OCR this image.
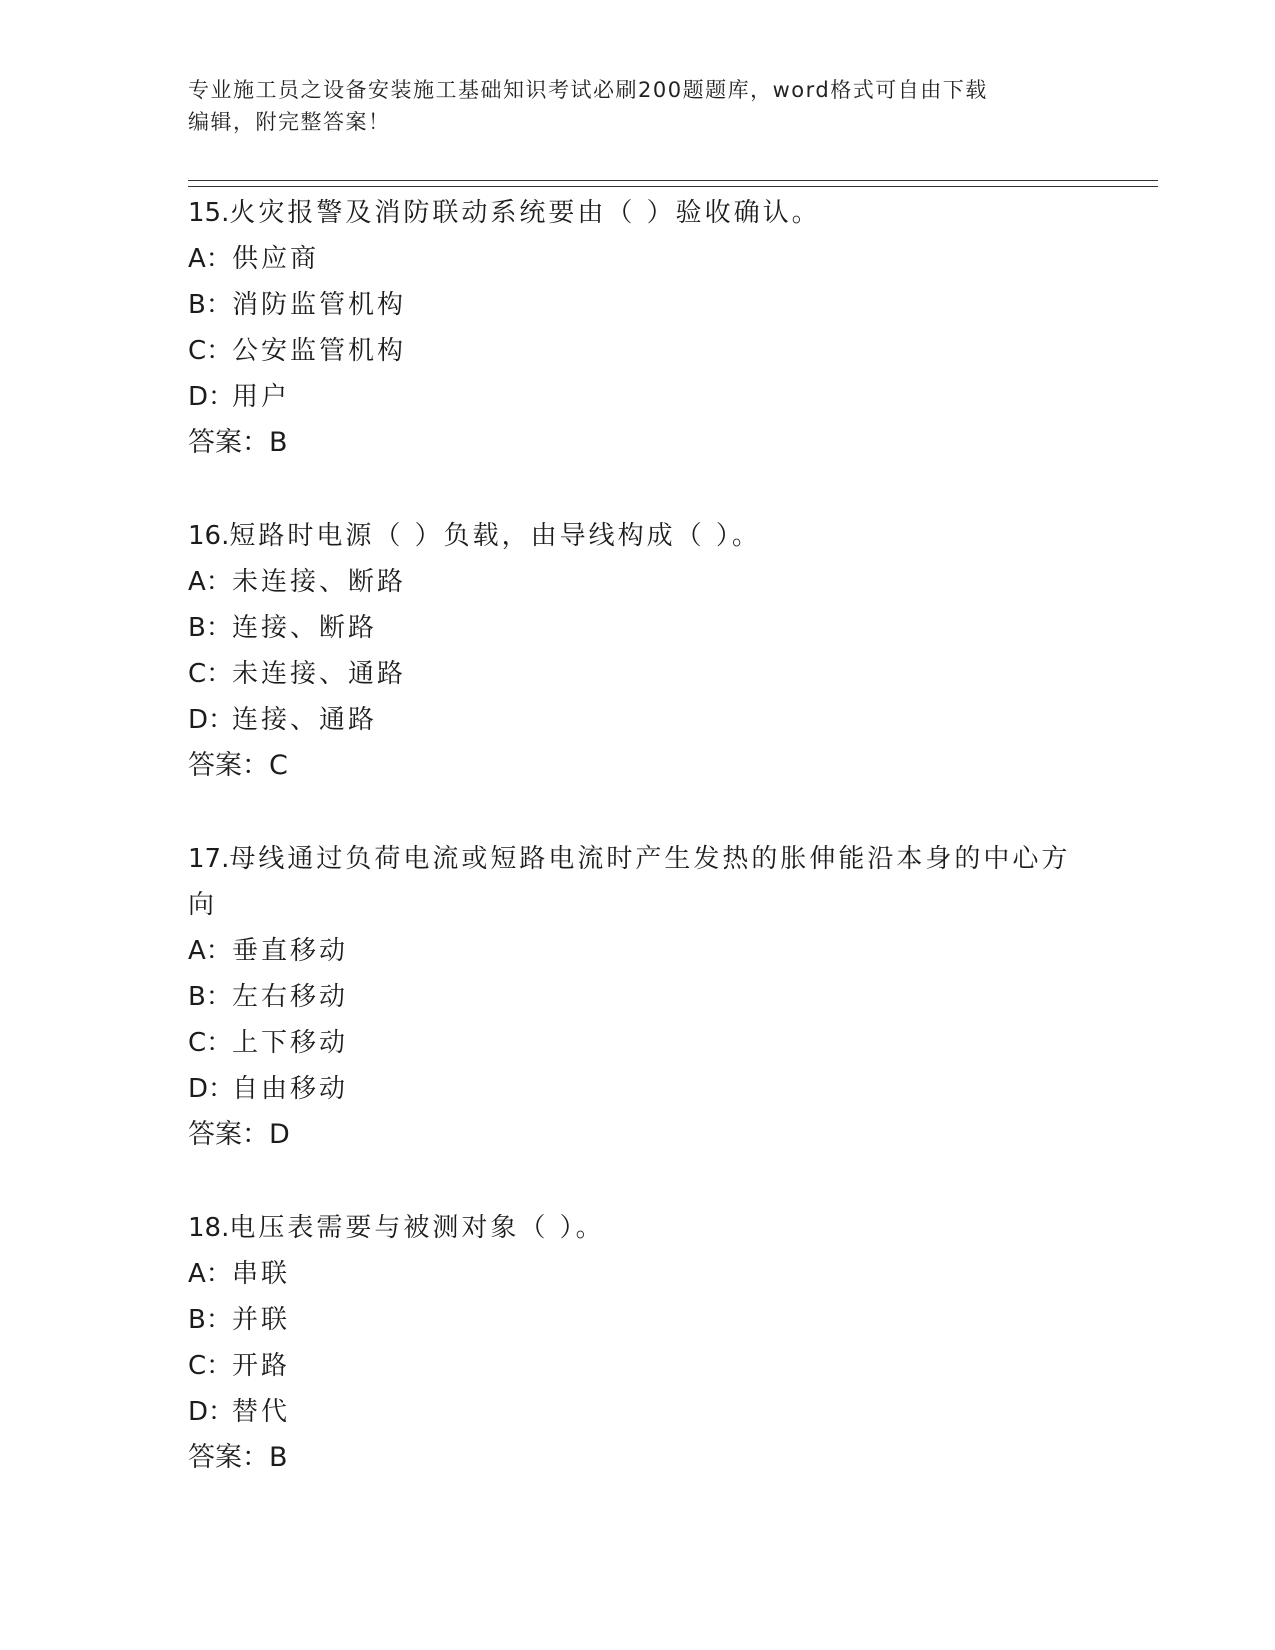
专业施工员之设备安装施工基础知识考试必刷200题题库，word格式可自由下载
编辑，附完整答案！

15.火灾报警及消防联动系统要由（ ）验收确认。

A： 供应商
B： 消防监管机构
C： 公安监管机构
D：
用户
答案：B

16.短路时电源（ ）负载，由导线构成（ ）。

A： 未连接、断路
B： 连接、断路
C： 未连接、通路
D：
连接、通路
答案：C

17.母线通过负荷电流或短路电流时产生发热的胀伸能沿本身的中心方向

A： 垂直移动
B： 左右移动
C： 上下移动
D：
自由移动
答案：D

18.电压表需要与被测对象（ ）。

A： 串联
B： 并联
C： 开路
D：
替代
答案：B
